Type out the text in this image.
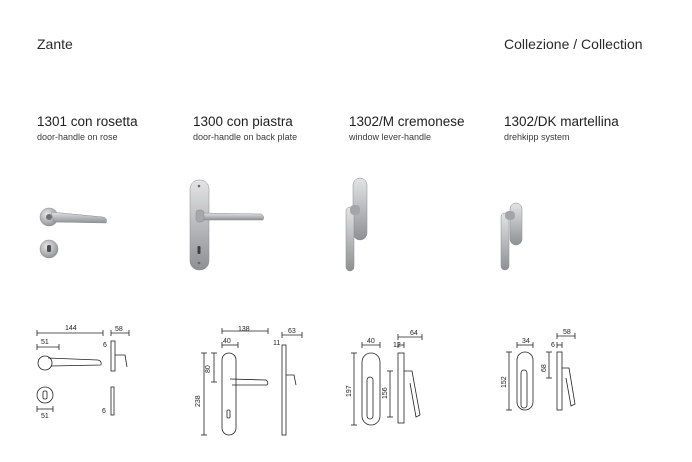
Zante	Collezione / Collection
1301 con rosetta
door-handle on rose
1300 con piastra
door-handle on back plate
1302/M cremonese
window lever-handle
1302/DK martellina
drehkipp system
144	58
51	6
51
6
138
40
63
11
80
238
40
64
12
197	156
34
58
6
152
68
